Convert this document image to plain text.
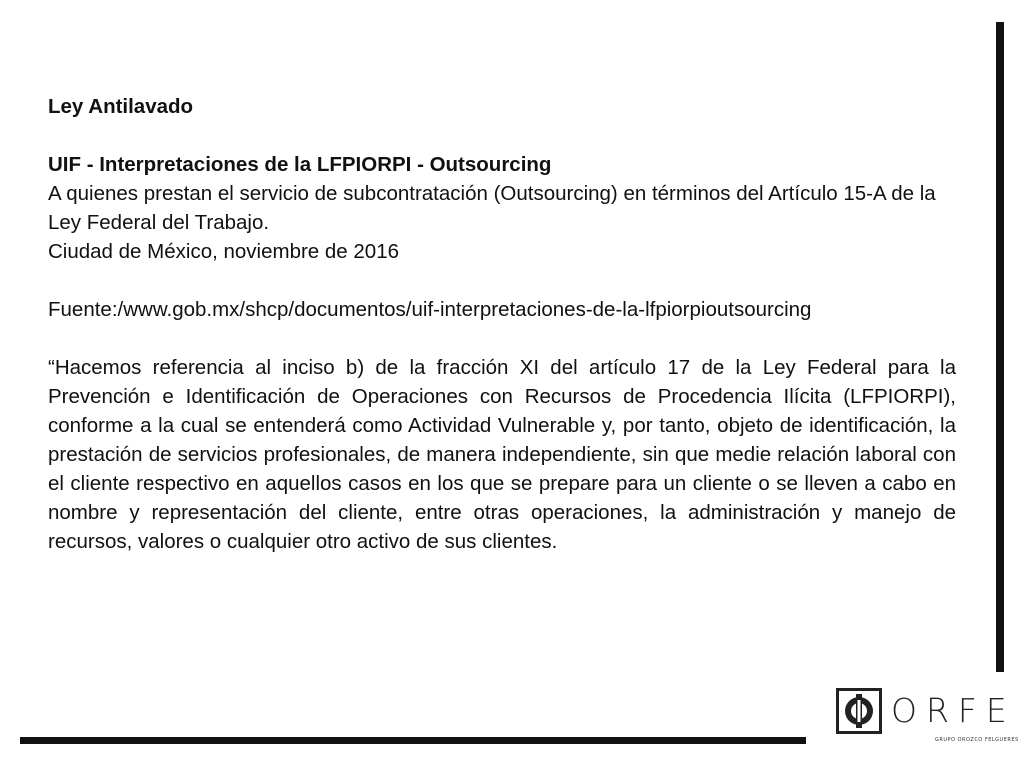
Ley Antilavado

UIF - Interpretaciones de la LFPIORPI - Outsourcing

A quienes prestan el servicio de subcontratación (Outsourcing) en términos del Artículo 15-A de la Ley Federal del Trabajo.

Ciudad de México, noviembre de 2016

Fuente:/www.gob.mx/shcp/documentos/uif-interpretaciones-de-la-lfpiorpioutsourcing

“Hacemos referencia al inciso b) de la fracción XI del artículo 17 de la Ley Federal para la Prevención e Identificación de Operaciones con Recursos de Procedencia Ilícita (LFPIORPI), conforme a la cual se entenderá como Actividad Vulnerable y, por tanto, objeto de identificación, la prestación de servicios profesionales, de manera independiente, sin que medie relación laboral con el cliente respectivo en aquellos casos en los que se prepare para un cliente o se lleven a cabo en nombre y representación del cliente, entre otras operaciones, la administración y manejo de recursos, valores o cualquier otro activo de sus clientes.

ORFE
GRUPO OROZCO FELGUERES
